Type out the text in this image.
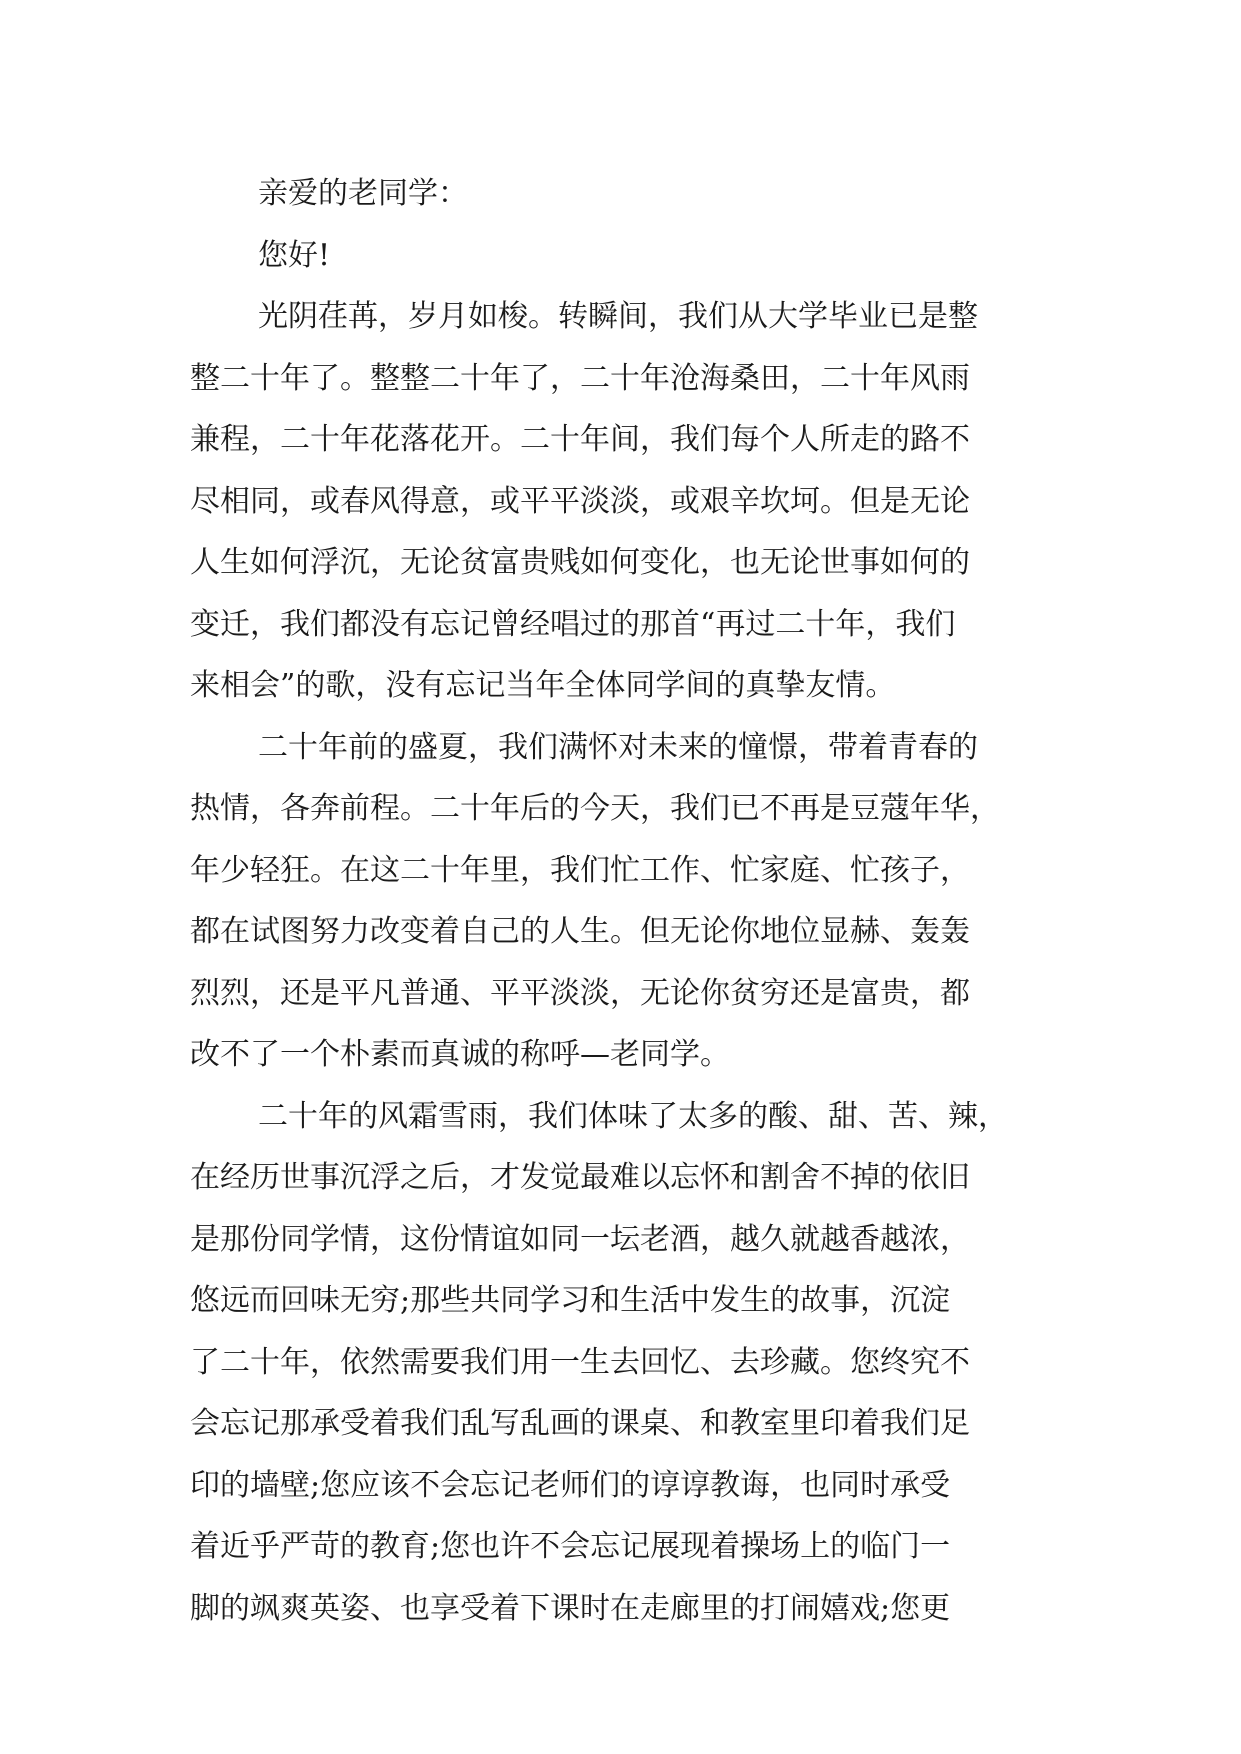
亲爱的老同学：
您好!
光阴荏苒，岁月如梭。转瞬间，我们从大学毕业已是整
整二十年了。整整二十年了，二十年沧海桑田，二十年风雨
兼程，二十年花落花开。二十年间，我们每个人所走的路不
尽相同，或春风得意，或平平淡淡，或艰辛坎坷。但是无论
人生如何浮沉，无论贫富贵贱如何变化，也无论世事如何的
变迁，我们都没有忘记曾经唱过的那首“再过二十年，我们
来相会”的歌，没有忘记当年全体同学间的真挚友情。
二十年前的盛夏，我们满怀对未来的憧憬，带着青春的
热情，各奔前程。二十年后的今天，我们已不再是豆蔻年华，
年少轻狂。在这二十年里，我们忙工作、忙家庭、忙孩子，
都在试图努力改变着自己的人生。但无论你地位显赫、轰轰
烈烈，还是平凡普通、平平淡淡，无论你贫穷还是富贵，都
改不了一个朴素而真诚的称呼—老同学。
二十年的风霜雪雨，我们体味了太多的酸、甜、苦、辣，
在经历世事沉浮之后，才发觉最难以忘怀和割舍不掉的依旧
是那份同学情，这份情谊如同一坛老酒，越久就越香越浓，
悠远而回味无穷;那些共同学习和生活中发生的故事，沉淀
了二十年，依然需要我们用一生去回忆、去珍藏。您终究不
会忘记那承受着我们乱写乱画的课桌、和教室里印着我们足
印的墙壁;您应该不会忘记老师们的谆谆教诲，也同时承受
着近乎严苛的教育;您也许不会忘记展现着操场上的临门一
脚的飒爽英姿、也享受着下课时在走廊里的打闹嬉戏;您更
